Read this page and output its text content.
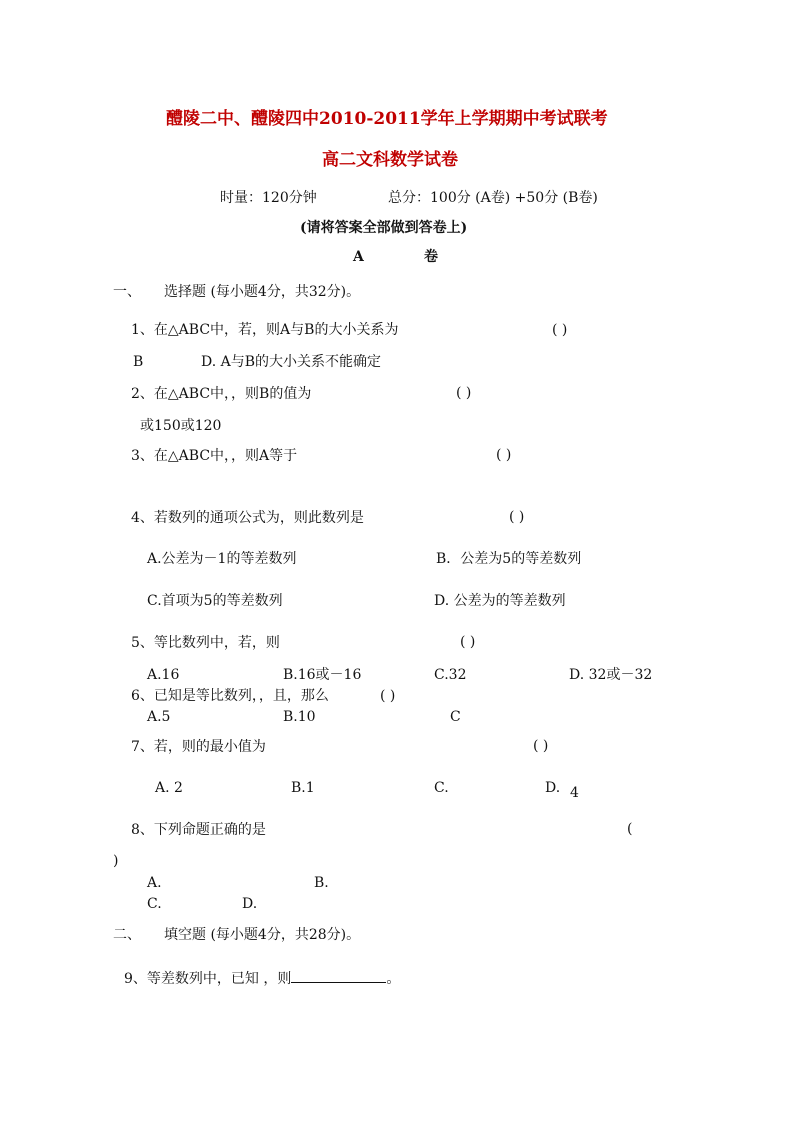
醴陵二中、醴陵四中2010-2011学年上学期期中考试联考
高二文科数学试卷
时量：120分钟	总分：100分 (A卷) +50分 (B卷)
(请将答案全部做到答卷上)
A	卷
一、 选择题 (每小题4分，共32分)。
1、在△ABC中，若，则A与B的大小关系为	( )
B	D. A与B的大小关系不能确定
2、在△ABC中，，则B的值为	( )
或150或120
3、在△ABC中，，则A等于	( )
4、若数列的通项公式为，则此数列是	( )
A.公差为－1的等差数列	B．公差为5的等差数列
C.首项为5的等差数列	D. 公差为的等差数列
5、等比数列中，若，则	( )
A.16	B.16或－16	C.32	D. 32或－32
6、已知是等比数列，，且，那么	( )
A.5	B.10	C
7、若，则的最小值为	( )
A. 2	B.1	C.	D. 4
8、下列命题正确的是	(
)
A.	B.
C.	D.
二、 填空题 (每小题4分，共28分)。
9、等差数列中，已知 ，则	。
